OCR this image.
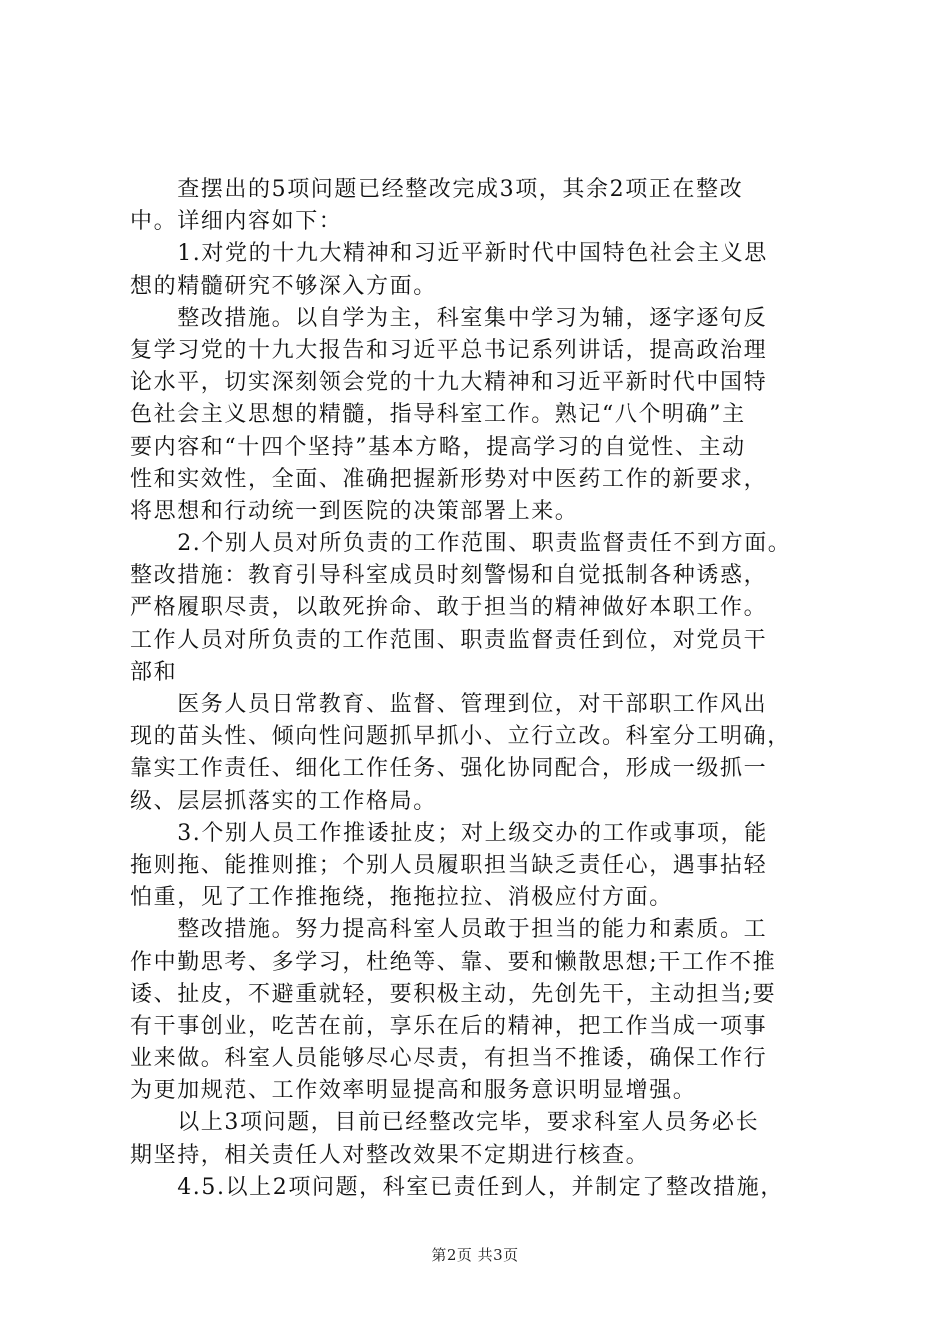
　　查摆出的5项问题已经整改完成3项，其余2项正在整改
中。详细内容如下：
　　1.对党的十九大精神和习近平新时代中国特色社会主义思
想的精髓研究不够深入方面。
　　整改措施。以自学为主，科室集中学习为辅，逐字逐句反
复学习党的十九大报告和习近平总书记系列讲话，提高政治理
论水平，切实深刻领会党的十九大精神和习近平新时代中国特
色社会主义思想的精髓，指导科室工作。熟记“八个明确”主
要内容和“十四个坚持”基本方略，提高学习的自觉性、主动
性和实效性，全面、准确把握新形势对中医药工作的新要求，
将思想和行动统一到医院的决策部署上来。
　　2.个别人员对所负责的工作范围、职责监督责任不到方面。
整改措施：教育引导科室成员时刻警惕和自觉抵制各种诱惑，
严格履职尽责，以敢死拚命、敢于担当的精神做好本职工作。
工作人员对所负责的工作范围、职责监督责任到位，对党员干
部和
　　医务人员日常教育、监督、管理到位，对干部职工作风出
现的苗头性、倾向性问题抓早抓小、立行立改。科室分工明确，
靠实工作责任、细化工作任务、强化协同配合，形成一级抓一
级、层层抓落实的工作格局。
　　3.个别人员工作推诿扯皮；对上级交办的工作或事项，能
拖则拖、能推则推；个别人员履职担当缺乏责任心，遇事拈轻
怕重，见了工作推拖绕，拖拖拉拉、消极应付方面。
　　整改措施。努力提高科室人员敢于担当的能力和素质。工
作中勤思考、多学习，杜绝等、靠、要和懒散思想;干工作不推
诿、扯皮，不避重就轻，要积极主动，先创先干，主动担当;要
有干事创业，吃苦在前，享乐在后的精神，把工作当成一项事
业来做。科室人员能够尽心尽责，有担当不推诿，确保工作行
为更加规范、工作效率明显提高和服务意识明显增强。
　　以上3项问题，目前已经整改完毕，要求科室人员务必长
期坚持，相关责任人对整改效果不定期进行核查。
　　4.5.以上2项问题，科室已责任到人，并制定了整改措施，
第2页 共3页
